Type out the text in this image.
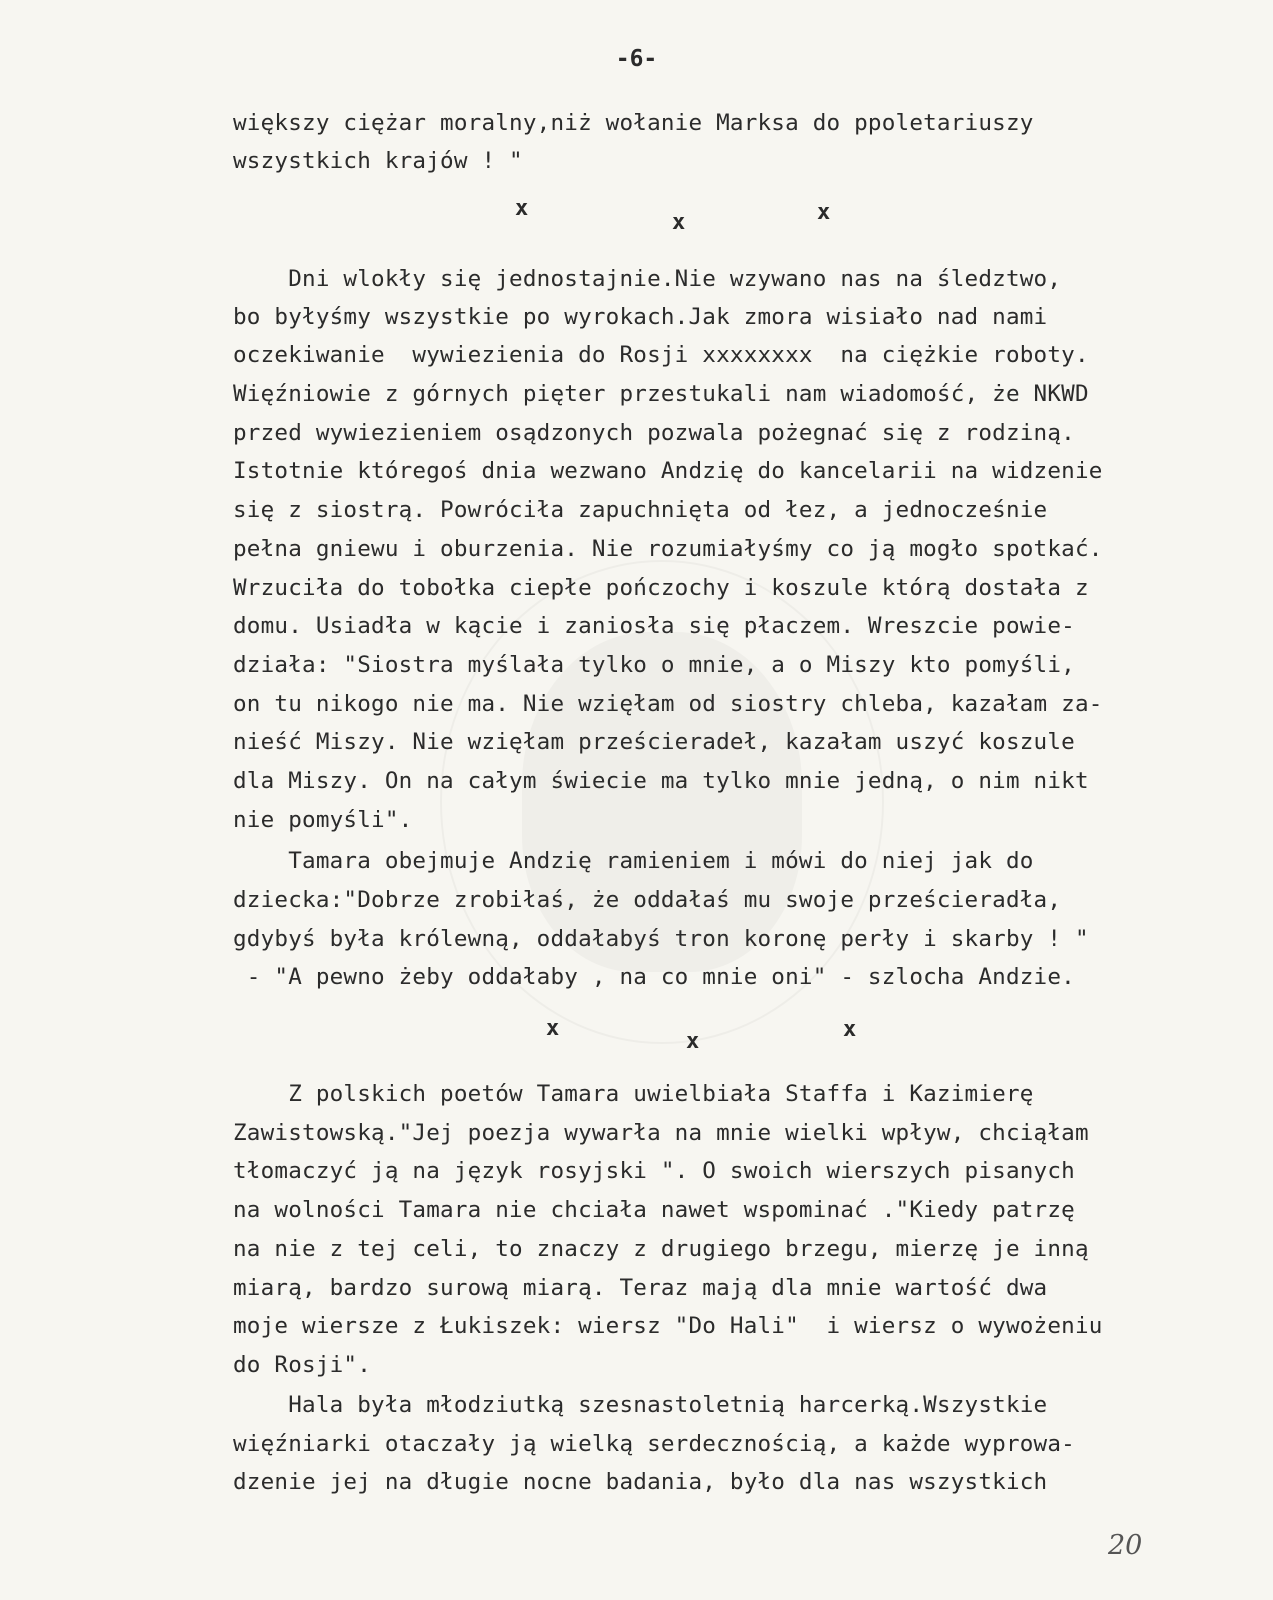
-6-
większy ciężar moralny,niż wołanie Marksa do ppoletariuszy
wszystkich krajów ! "
x
x	x
Dni wlokły się jednostajnie.Nie wzywano nas na śledztwo,
bo byłyśmy wszystkie po wyrokach.Jak zmora wisiało nad nami
oczekiwanie  wywiezienia do Rosji xxxxxxxx  na ciężkie roboty.
Więźniowie z górnych pięter przestukali nam wiadomość, że NKWD
przed wywiezieniem osądzonych pozwala pożegnać się z rodziną.
Istotnie któregoś dnia wezwano Andzię do kancelarii na widzenie
się z siostrą. Powróciła zapuchnięta od łez, a jednocześnie
pełna gniewu i oburzenia. Nie rozumiałyśmy co ją mogło spotkać.
Wrzuciła do tobołka ciepłe pończochy i koszule którą dostała z
domu. Usiadła w kącie i zaniosła się płaczem. Wreszcie powie-
działa: "Siostra myślała tylko o mnie, a o Miszy kto pomyśli,
on tu nikogo nie ma. Nie wzięłam od siostry chleba, kazałam za-
nieść Miszy. Nie wzięłam prześcieradeł, kazałam uszyć koszule
dla Miszy. On na całym świecie ma tylko mnie jedną, o nim nikt
nie pomyśli".
Tamara obejmuje Andzię ramieniem i mówi do niej jak do
dziecka:"Dobrze zrobiłaś, że oddałaś mu swoje prześcieradła,
gdybyś była królewną, oddałabyś tron koronę perły i skarby ! "
- "A pewno żeby oddałaby , na co mnie oni" - szlocha Andzie.
x
x	x
Z polskich poetów Tamara uwielbiała Staffa i Kazimierę
Zawistowską."Jej poezja wywarła na mnie wielki wpływ, chciąłam
tłomaczyć ją na język rosyjski ". O swoich wierszych pisanych
na wolności Tamara nie chciała nawet wspominać ."Kiedy patrzę
na nie z tej celi, to znaczy z drugiego brzegu, mierzę je inną
miarą, bardzo surową miarą. Teraz mają dla mnie wartość dwa
moje wiersze z Łukiszek: wiersz "Do Hali"  i wiersz o wywożeniu
do Rosji".
Hala była młodziutką szesnastoletnią harcerką.Wszystkie
więźniarki otaczały ją wielką serdecznością, a każde wyprowa-
dzenie jej na długie nocne badania, było dla nas wszystkich
20
